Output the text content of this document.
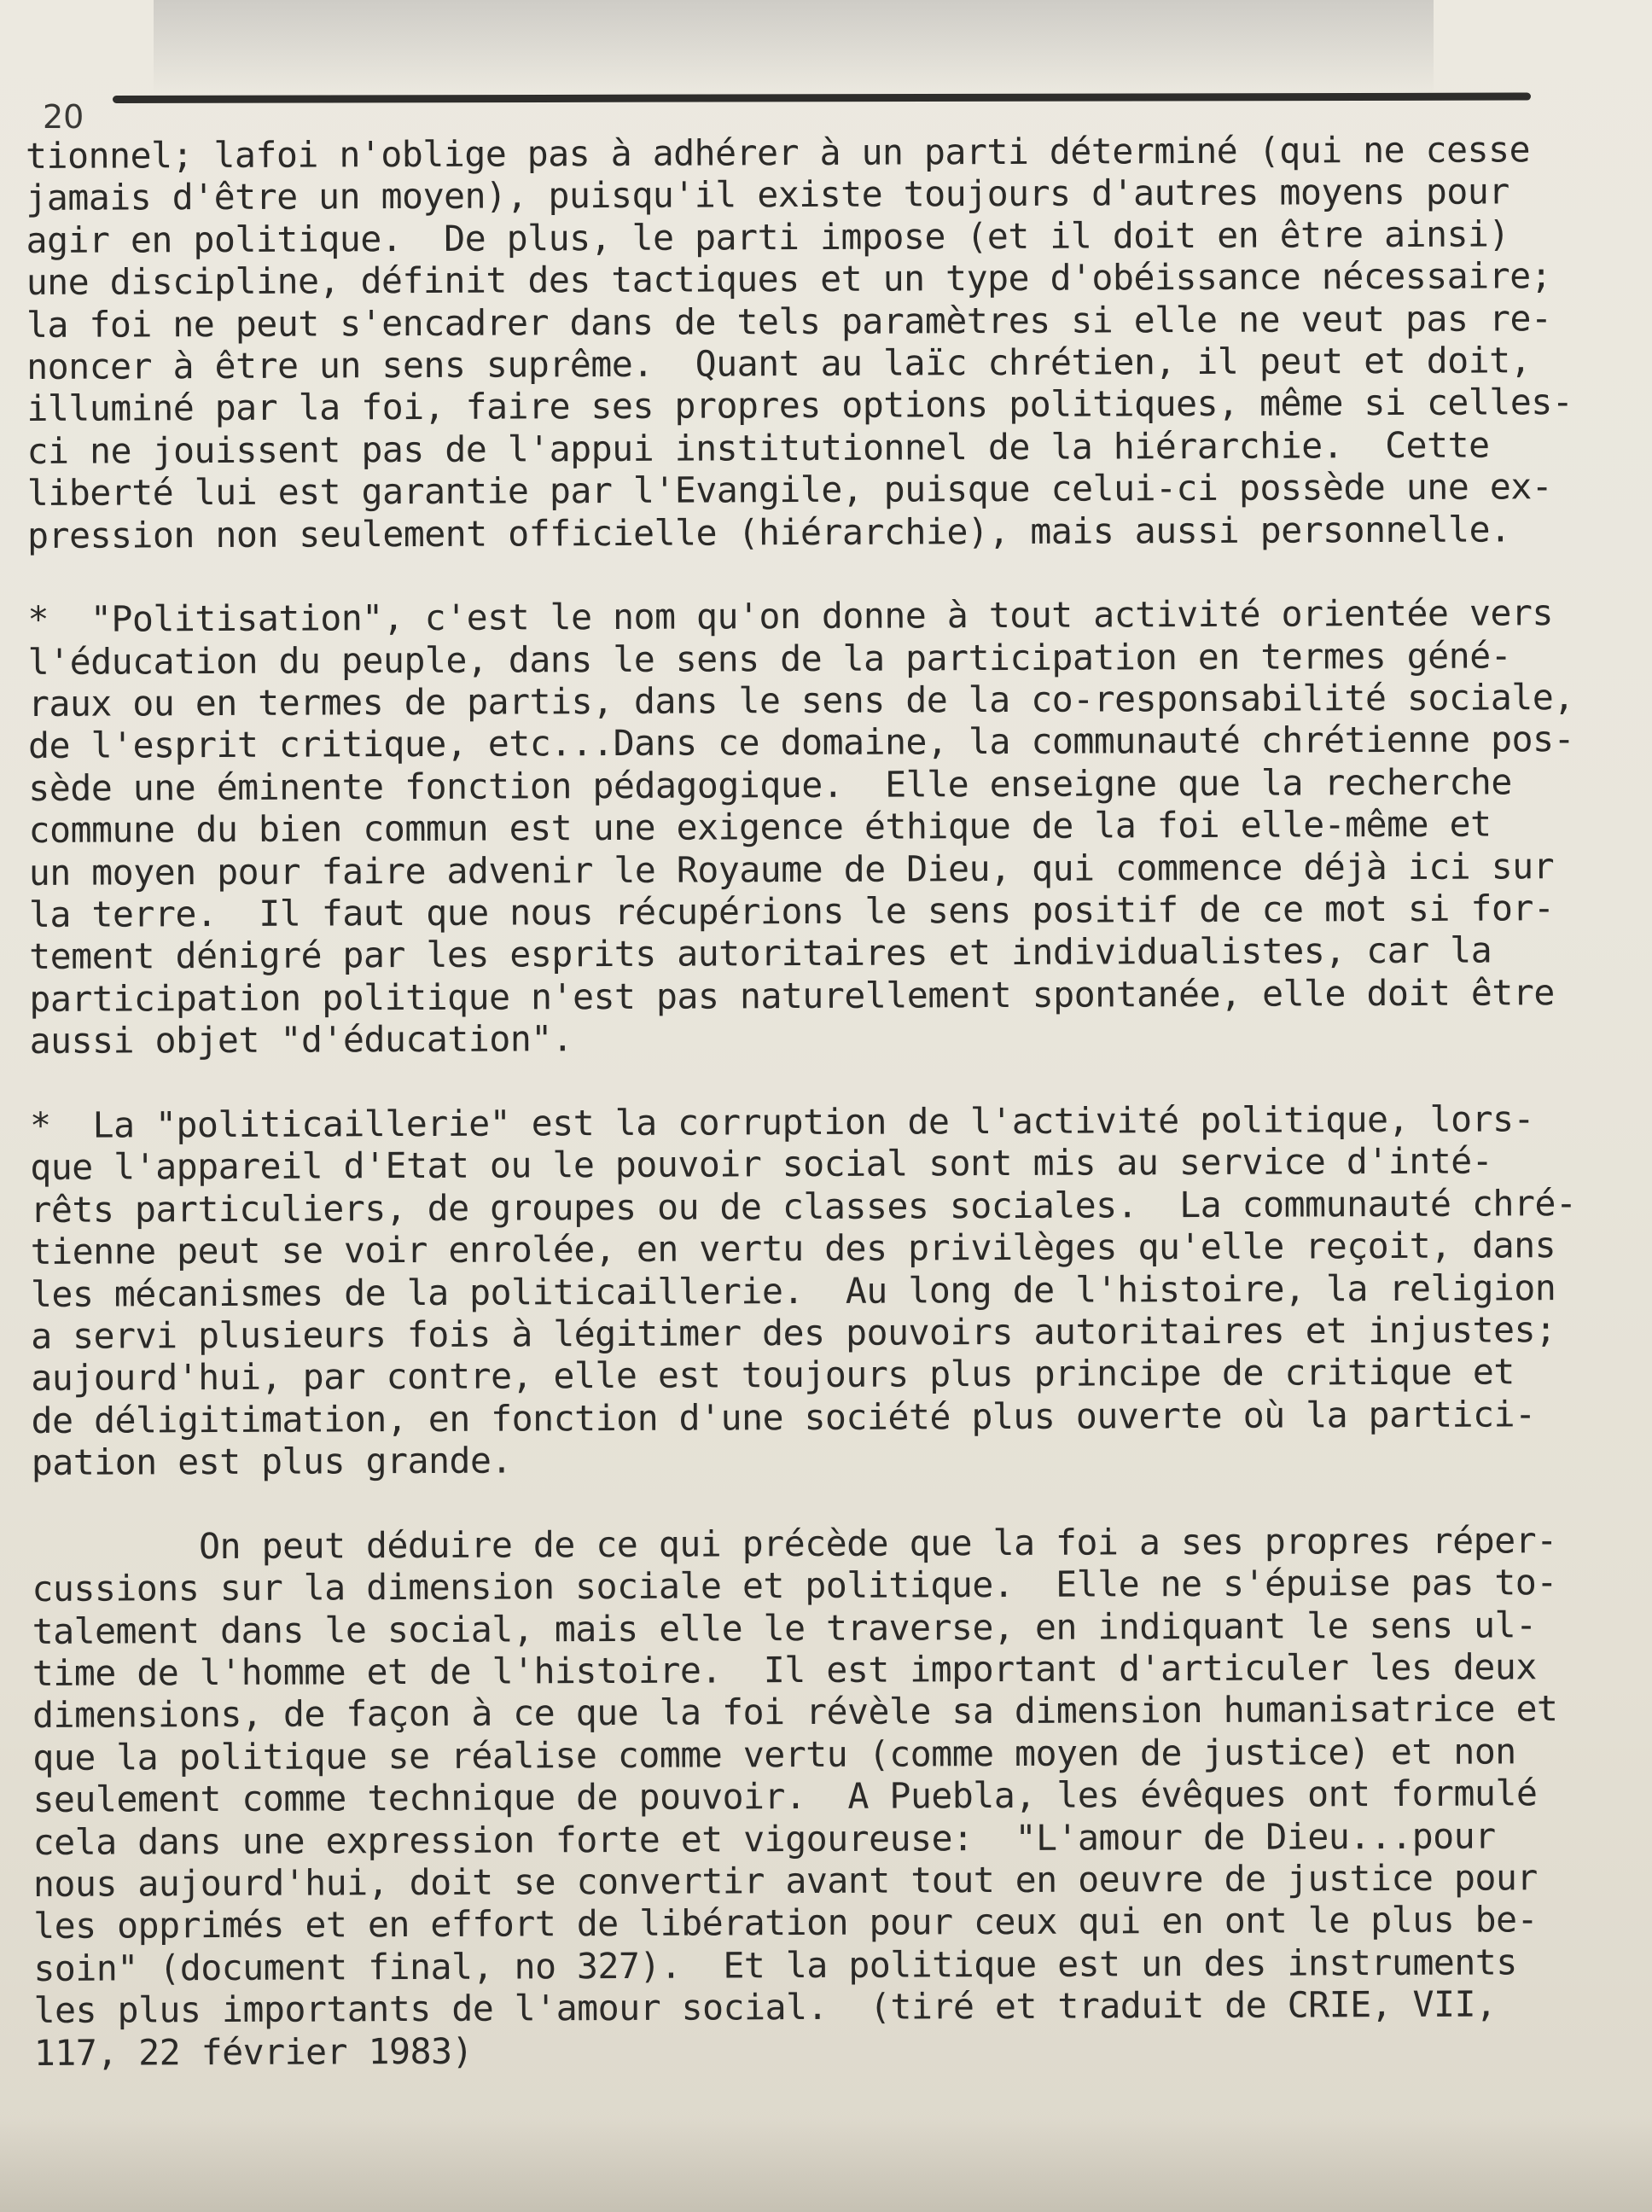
20
tionnel; lafoi n'oblige pas à adhérer à un parti déterminé (qui ne cesse
jamais d'être un moyen), puisqu'il existe toujours d'autres moyens pour
agir en politique.  De plus, le parti impose (et il doit en être ainsi)
une discipline, définit des tactiques et un type d'obéissance nécessaire;
la foi ne peut s'encadrer dans de tels paramètres si elle ne veut pas re-
noncer à être un sens suprême.  Quant au laïc chrétien, il peut et doit,
illuminé par la foi, faire ses propres options politiques, même si celles-
ci ne jouissent pas de l'appui institutionnel de la hiérarchie.  Cette
liberté lui est garantie par l'Evangile, puisque celui-ci possède une ex-
pression non seulement officielle (hiérarchie), mais aussi personnelle.
*  "Politisation", c'est le nom qu'on donne à tout activité orientée vers
l'éducation du peuple, dans le sens de la participation en termes géné-
raux ou en termes de partis, dans le sens de la co-responsabilité sociale,
de l'esprit critique, etc...Dans ce domaine, la communauté chrétienne pos-
sède une éminente fonction pédagogique.  Elle enseigne que la recherche
commune du bien commun est une exigence éthique de la foi elle-même et
un moyen pour faire advenir le Royaume de Dieu, qui commence déjà ici sur
la terre.  Il faut que nous récupérions le sens positif de ce mot si for-
tement dénigré par les esprits autoritaires et individualistes, car la
participation politique n'est pas naturellement spontanée, elle doit être
aussi objet "d'éducation".
*  La "politicaillerie" est la corruption de l'activité politique, lors-
que l'appareil d'Etat ou le pouvoir social sont mis au service d'inté-
rêts particuliers, de groupes ou de classes sociales.  La communauté chré-
tienne peut se voir enrolée, en vertu des privilèges qu'elle reçoit, dans
les mécanismes de la politicaillerie.  Au long de l'histoire, la religion
a servi plusieurs fois à légitimer des pouvoirs autoritaires et injustes;
aujourd'hui, par contre, elle est toujours plus principe de critique et
de déligitimation, en fonction d'une société plus ouverte où la partici-
pation est plus grande.
On peut déduire de ce qui précède que la foi a ses propres réper-
cussions sur la dimension sociale et politique.  Elle ne s'épuise pas to-
talement dans le social, mais elle le traverse, en indiquant le sens ul-
time de l'homme et de l'histoire.  Il est important d'articuler les deux
dimensions, de façon à ce que la foi révèle sa dimension humanisatrice et
que la politique se réalise comme vertu (comme moyen de justice) et non
seulement comme technique de pouvoir.  A Puebla, les évêques ont formulé
cela dans une expression forte et vigoureuse:  "L'amour de Dieu...pour
nous aujourd'hui, doit se convertir avant tout en oeuvre de justice pour
les opprimés et en effort de libération pour ceux qui en ont le plus be-
soin" (document final, no 327).  Et la politique est un des instruments
les plus importants de l'amour social.  (tiré et traduit de CRIE, VII,
117, 22 février 1983)
